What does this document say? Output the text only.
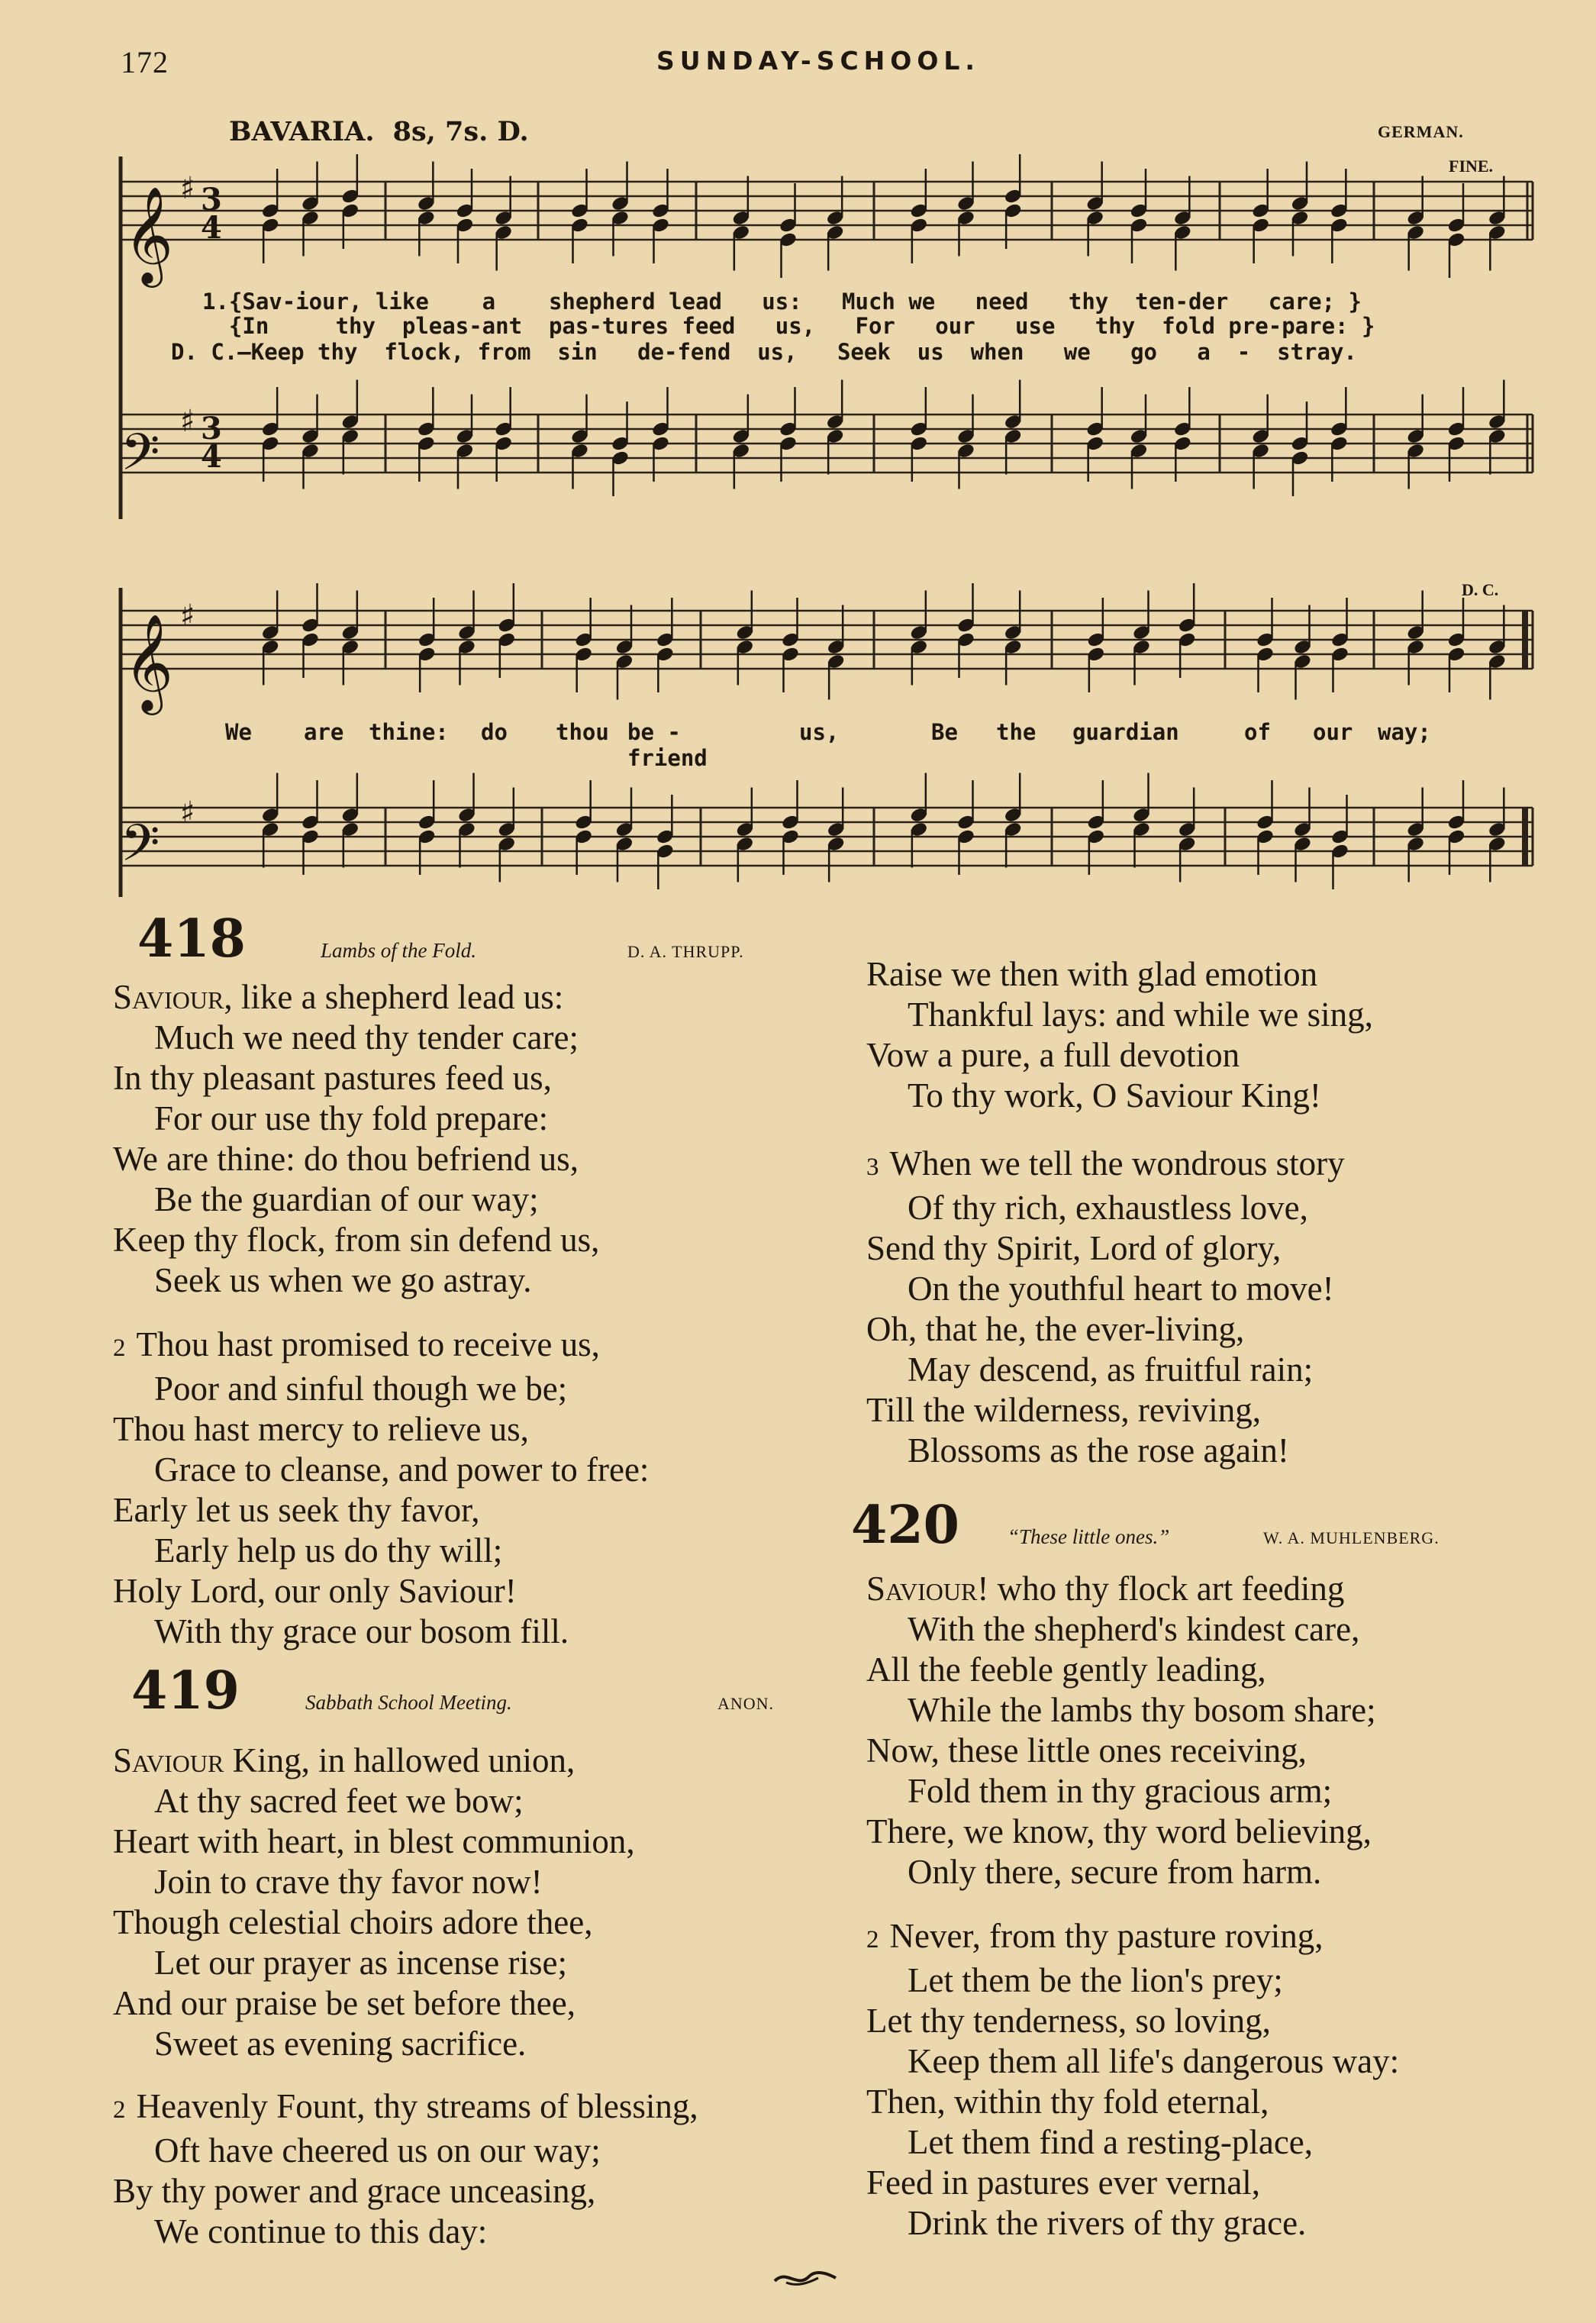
172	SUNDAY-SCHOOL.
BAVARIA. 8s, 7s. D.	GERMAN.
FINE.
D. C.
𝄞
𝄢
𝄞
𝄢
♯
♯
♯
♯
3
4
3
4
1.{Sav-iour, like    a    shepherd lead   us:   Much we   need   thy  ten-der   care; }
{In     thy  pleas-ant  pas-tures feed   us,   For   our   use   thy  fold pre-pare: }
D. C.—Keep thy  flock, from  sin   de-fend  us,   Seek  us  when   we   go   a  -  stray.
We are thine: do thou be - friend
us,	Be the guardian	of our way;
418	Lambs of the Fold.	D. A. THRUPP.
Saviour, like a shepherd lead us:
Much we need thy tender care;
In thy pleasant pastures feed us,
For our use thy fold prepare:
We are thine: do thou befriend us,
Be the guardian of our way;
Keep thy flock, from sin defend us,
Seek us when we go astray.
2 Thou hast promised to receive us,
Poor and sinful though we be;
Thou hast mercy to relieve us,
Grace to cleanse, and power to free:
Early let us seek thy favor,
Early help us do thy will;
Holy Lord, our only Saviour!
With thy grace our bosom fill.
419	Sabbath School Meeting.	ANON.
Saviour King, in hallowed union,
At thy sacred feet we bow;
Heart with heart, in blest communion,
Join to crave thy favor now!
Though celestial choirs adore thee,
Let our prayer as incense rise;
And our praise be set before thee,
Sweet as evening sacrifice.
2 Heavenly Fount, thy streams of blessing,
Oft have cheered us on our way;
By thy power and grace unceasing,
We continue to this day:
Raise we then with glad emotion
Thankful lays: and while we sing,
Vow a pure, a full devotion
To thy work, O Saviour King!
3 When we tell the wondrous story
Of thy rich, exhaustless love,
Send thy Spirit, Lord of glory,
On the youthful heart to move!
Oh, that he, the ever-living,
May descend, as fruitful rain;
Till the wilderness, reviving,
Blossoms as the rose again!
420 “These little ones.”	W. A. MUHLENBERG.
Saviour! who thy flock art feeding
With the shepherd's kindest care,
All the feeble gently leading,
While the lambs thy bosom share;
Now, these little ones receiving,
Fold them in thy gracious arm;
There, we know, thy word believing,
Only there, secure from harm.
2 Never, from thy pasture roving,
Let them be the lion's prey;
Let thy tenderness, so loving,
Keep them all life's dangerous way:
Then, within thy fold eternal,
Let them find a resting-place,
Feed in pastures ever vernal,
Drink the rivers of thy grace.
